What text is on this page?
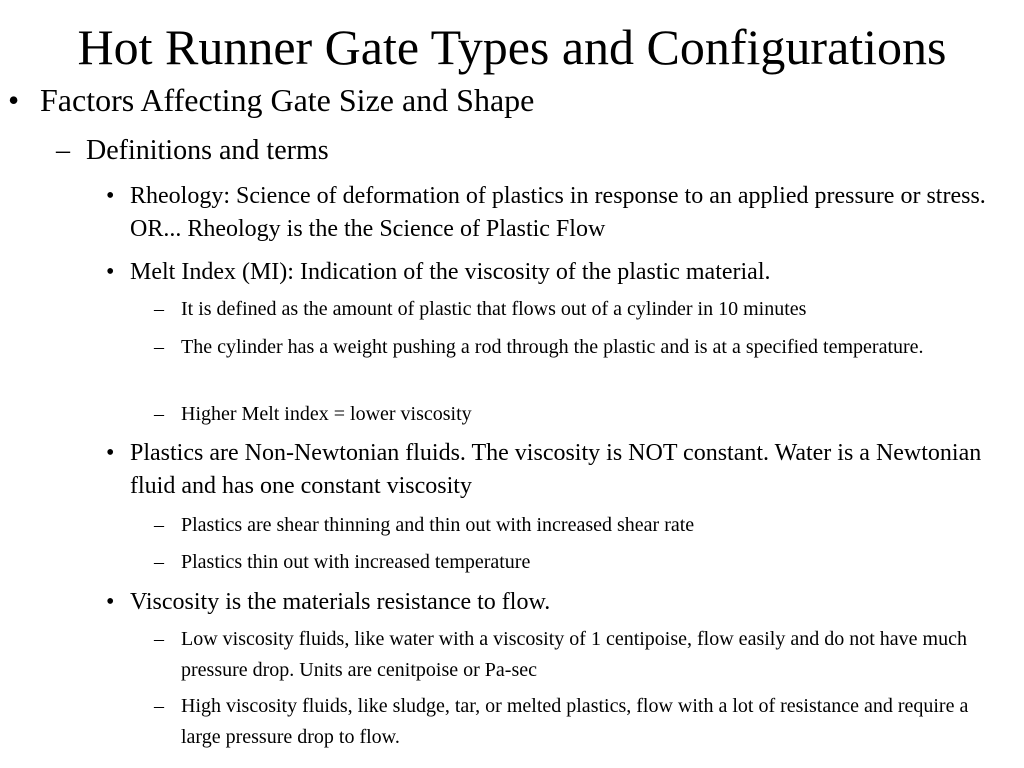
Hot Runner Gate Types and Configurations
• Factors Affecting Gate Size and Shape
– Definitions and terms
• Rheology: Science of deformation of plastics in response to an applied pressure or stress. OR... Rheology is the the Science of Plastic Flow
• Melt Index (MI): Indication of the viscosity of the plastic material.
– It is defined as the amount of plastic that flows out of a cylinder in 10 minutes
– The cylinder has a weight pushing a rod through the plastic and is at a specified temperature.
– Higher Melt index = lower viscosity
• Plastics are Non-Newtonian fluids. The viscosity is NOT constant. Water is a Newtonian fluid and has one constant viscosity
– Plastics are shear thinning and thin out with increased shear rate
– Plastics thin out with increased temperature
• Viscosity is the materials resistance to flow.
– Low viscosity fluids, like water with a viscosity of 1 centipoise, flow easily and do not have much pressure drop. Units are cenitpoise or Pa-sec
– High viscosity fluids, like sludge, tar, or melted plastics, flow with a lot of resistance and require a large pressure drop to flow.
